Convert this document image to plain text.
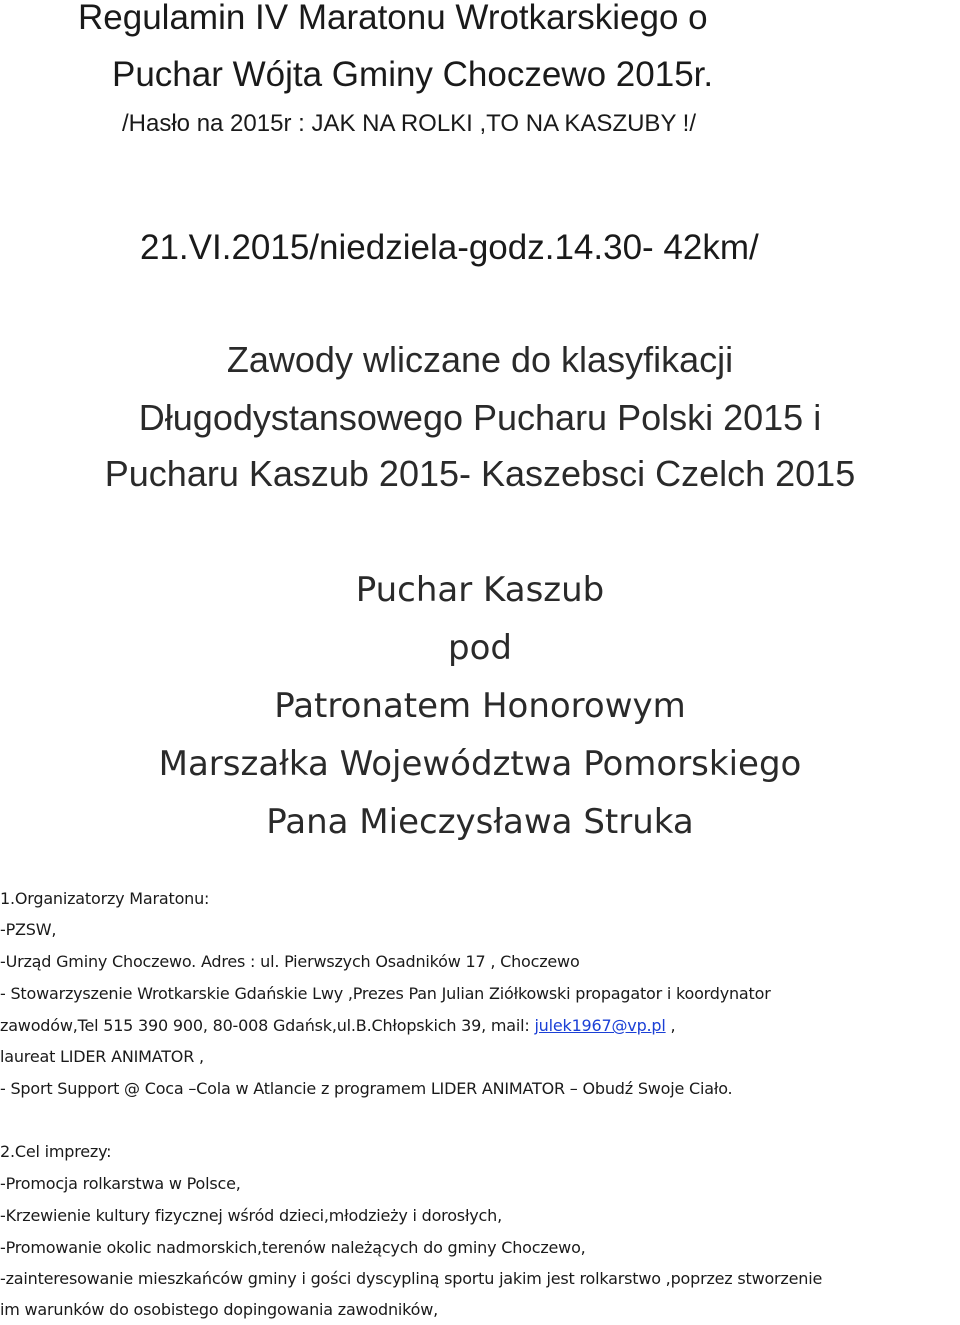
Regulamin IV Maratonu Wrotkarskiego o
Puchar Wójta Gminy Choczewo 2015r.
/Hasło na 2015r : JAK NA ROLKI ,TO NA KASZUBY !/
21.VI.2015/niedziela-godz.14.30- 42km/
Zawody wliczane do klasyfikacji
Długodystansowego Pucharu Polski 2015 i
Pucharu Kaszub 2015- Kaszebsci Czelch 2015
Puchar Kaszub
pod
Patronatem Honorowym
Marszałka Województwa Pomorskiego
Pana Mieczysława Struka
1.Organizatorzy Maratonu:
-PZSW,
-Urząd Gminy Choczewo. Adres : ul. Pierwszych Osadników 17 , Choczewo
- Stowarzyszenie Wrotkarskie Gdańskie Lwy ,Prezes Pan Julian Ziółkowski propagator i koordynator
zawodów,Tel 515 390 900, 80-008 Gdańsk,ul.B.Chłopskich 39, mail: julek1967@vp.pl ,
laureat LIDER ANIMATOR ,
- Sport Support @ Coca –Cola w Atlancie z programem LIDER ANIMATOR – Obudź Swoje Ciało.
2.Cel imprezy:
-Promocja rolkarstwa w Polsce,
-Krzewienie kultury fizycznej wśród dzieci,młodzieży i dorosłych,
-Promowanie okolic nadmorskich,terenów należących do gminy Choczewo,
-zainteresowanie mieszkańców gminy i gości dyscypliną sportu jakim jest rolkarstwo ,poprzez stworzenie
im warunków do osobistego dopingowania zawodników,
